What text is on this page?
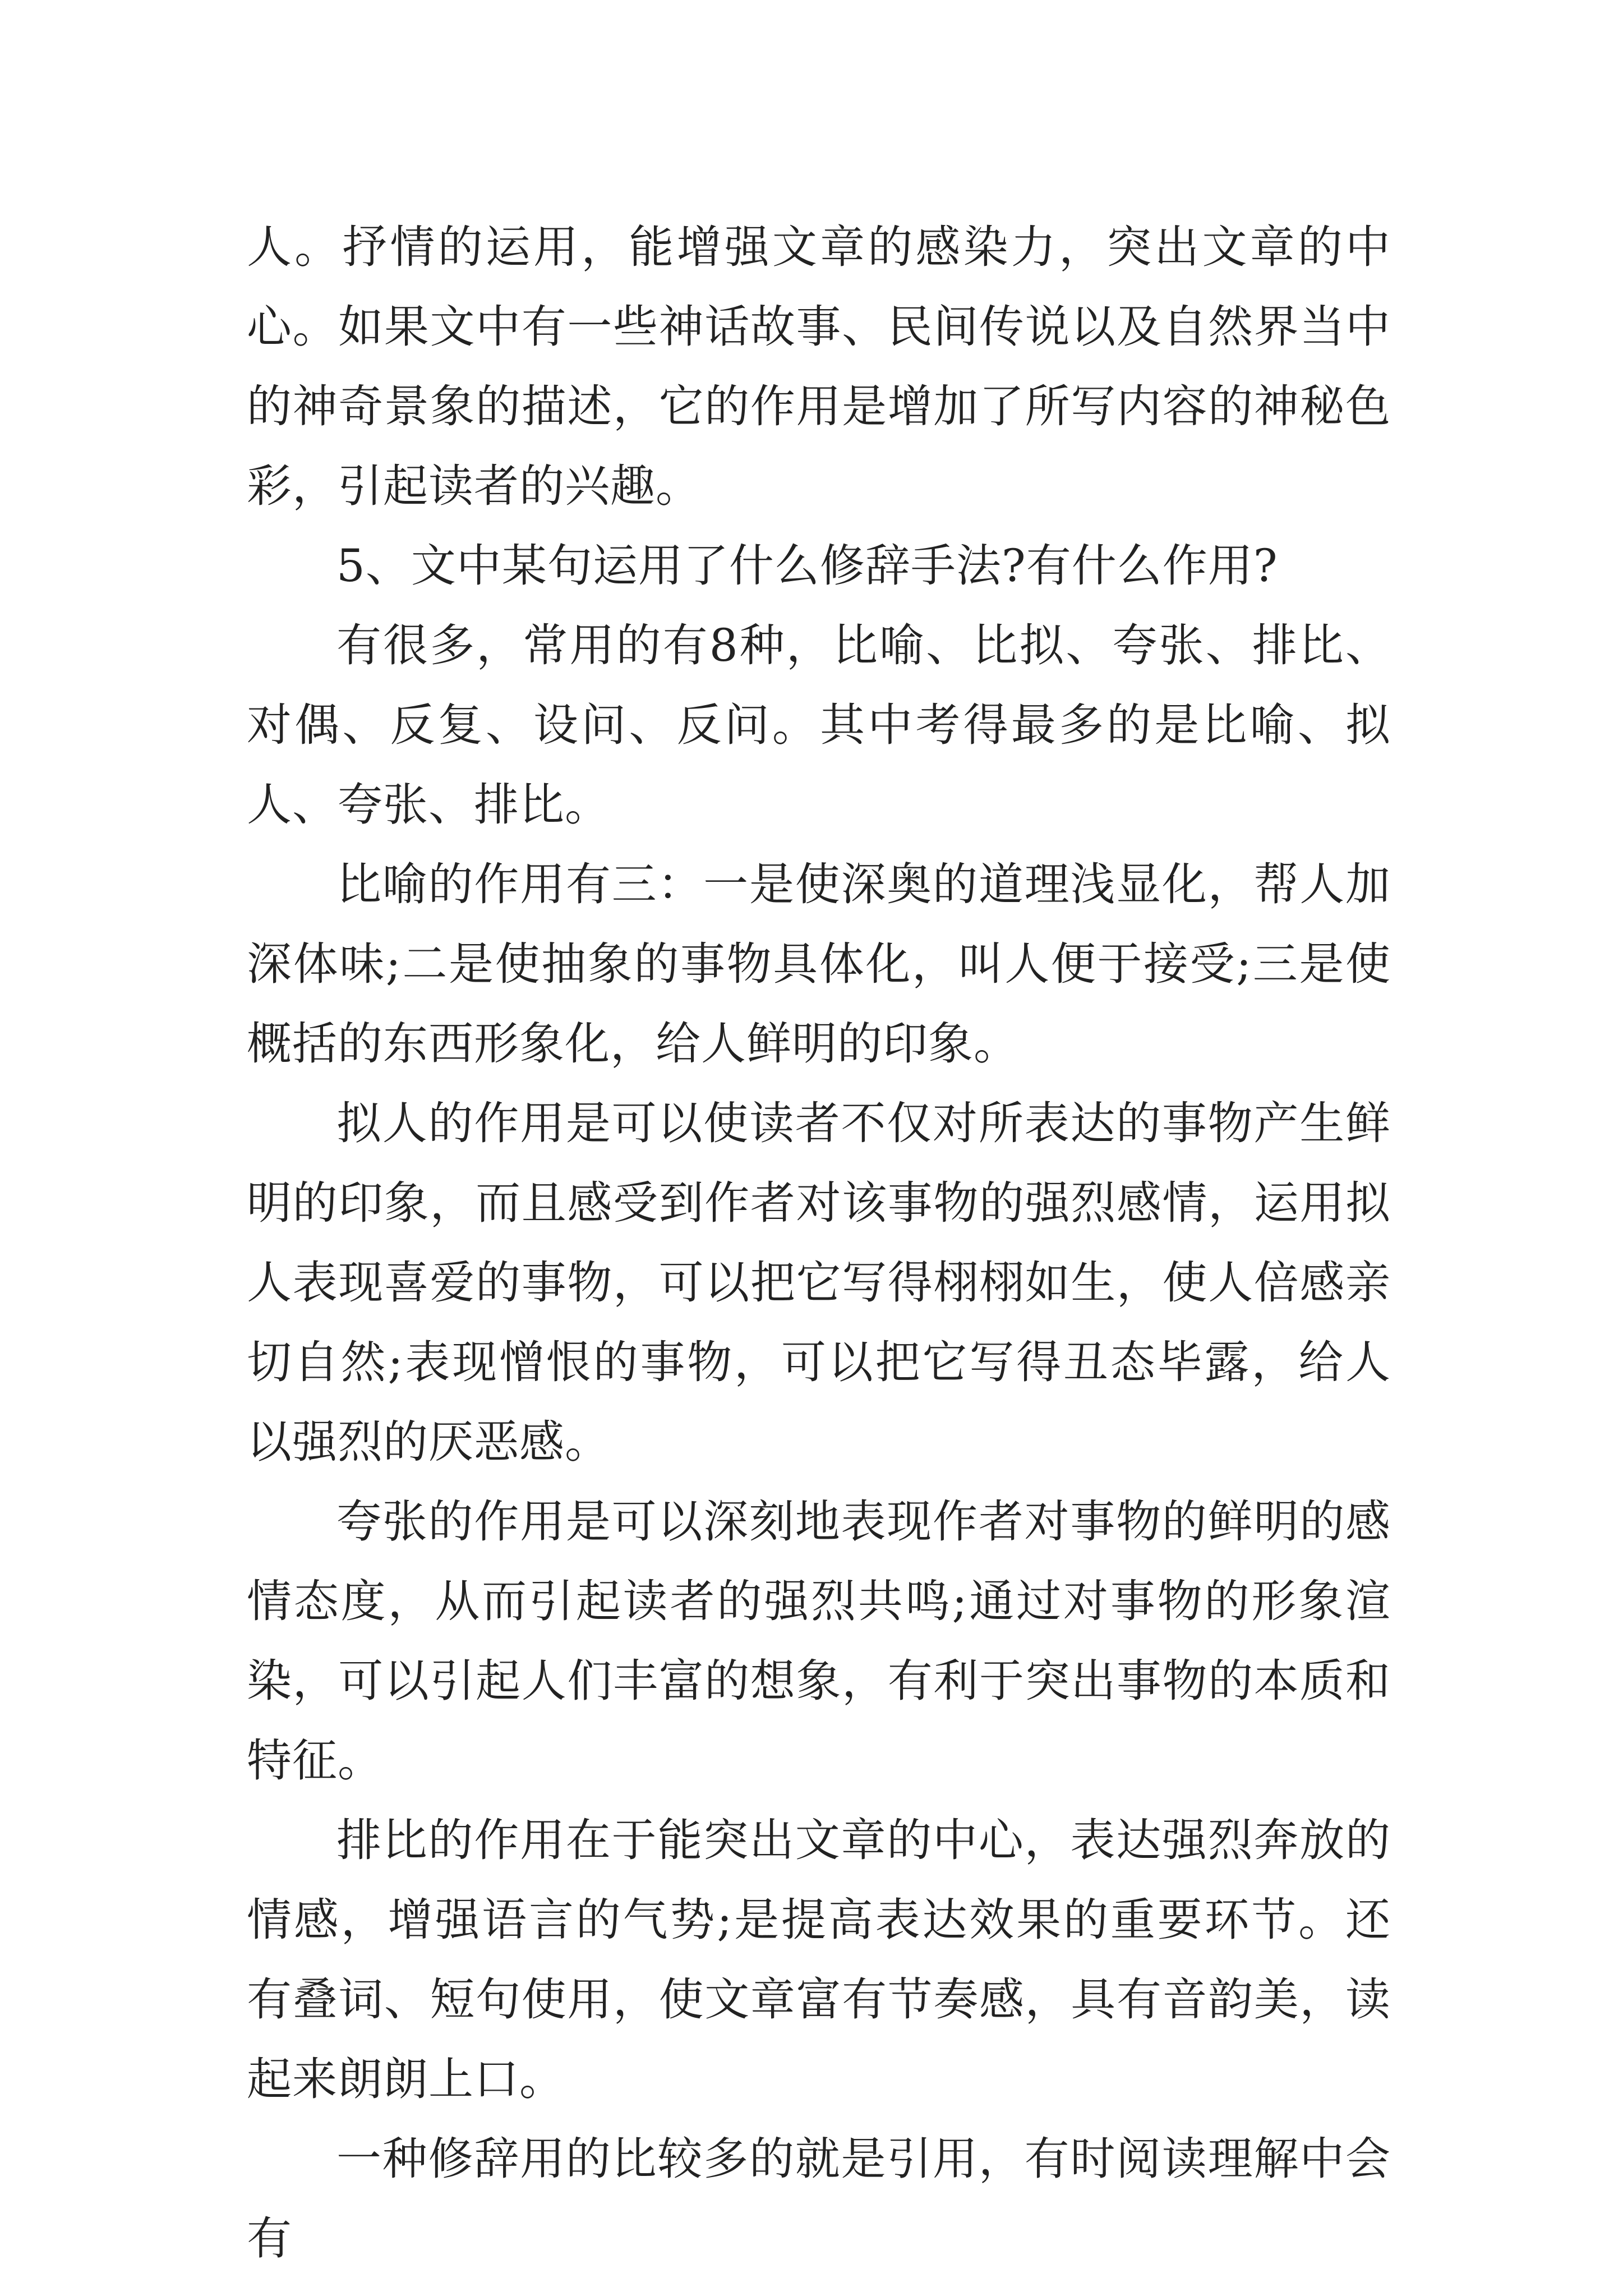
人。抒情的运用，能增强文章的感染力，突出文章的中心。如果文中有一些神话故事、民间传说以及自然界当中的神奇景象的描述，它的作用是增加了所写内容的神秘色彩，引起读者的兴趣。

5、文中某句运用了什么修辞手法?有什么作用?

有很多，常用的有8种，比喻、比拟、夸张、排比、对偶、反复、设问、反问。其中考得最多的是比喻、拟人、夸张、排比。

比喻的作用有三：一是使深奥的道理浅显化，帮人加深体味;二是使抽象的事物具体化，叫人便于接受;三是使概括的东西形象化，给人鲜明的印象。

拟人的作用是可以使读者不仅对所表达的事物产生鲜明的印象，而且感受到作者对该事物的强烈感情，运用拟人表现喜爱的事物，可以把它写得栩栩如生，使人倍感亲切自然;表现憎恨的事物，可以把它写得丑态毕露，给人以强烈的厌恶感。

夸张的作用是可以深刻地表现作者对事物的鲜明的感情态度，从而引起读者的强烈共鸣;通过对事物的形象渲染，可以引起人们丰富的想象，有利于突出事物的本质和特征。

排比的作用在于能突出文章的中心，表达强烈奔放的情感，增强语言的气势;是提高表达效果的重要环节。还有叠词、短句使用，使文章富有节奏感，具有音韵美，读起来朗朗上口。

一种修辞用的比较多的就是引用，有时阅读理解中会有
